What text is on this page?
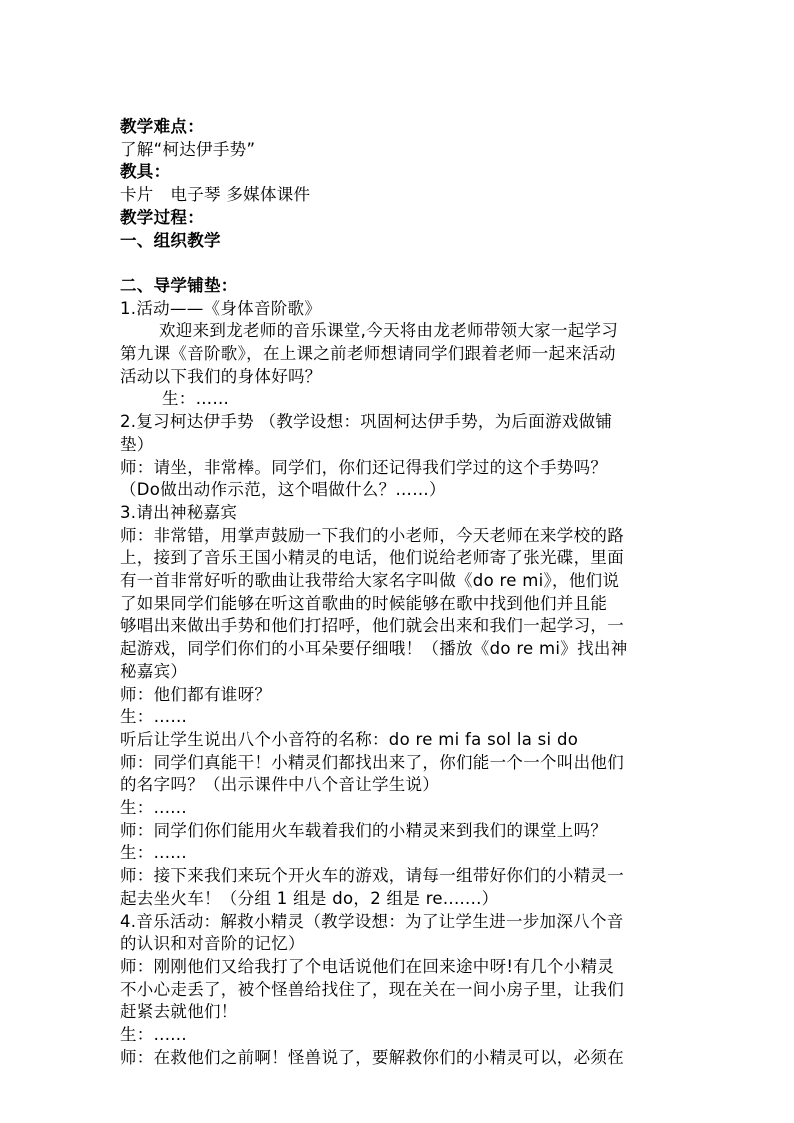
教学难点：
了解“柯达伊手势”
教具：
卡片　电子琴 多媒体课件
教学过程：
一、组织教学
二、导学铺垫：
1.活动——《身体音阶歌》
欢迎来到龙老师的音乐课堂,今天将由龙老师带领大家一起学习
第九课《音阶歌》，在上课之前老师想请同学们跟着老师一起来活动
活动以下我们的身体好吗？
生：……
2.复习柯达伊手势 （教学设想：巩固柯达伊手势，为后面游戏做铺
垫）
师：请坐，非常棒。同学们，你们还记得我们学过的这个手势吗？
（Do做出动作示范，这个唱做什么？……）
3.请出神秘嘉宾
师：非常错，用掌声鼓励一下我们的小老师，今天老师在来学校的路
上，接到了音乐王国小精灵的电话，他们说给老师寄了张光碟，里面
有一首非常好听的歌曲让我带给大家名字叫做《do re mi》，他们说
了如果同学们能够在听这首歌曲的时候能够在歌中找到他们并且能
够唱出来做出手势和他们打招呼，他们就会出来和我们一起学习，一
起游戏，同学们你们的小耳朵要仔细哦！（播放《do re mi》找出神
秘嘉宾）
师：他们都有谁呀？
生：……
听后让学生说出八个小音符的名称：do re mi fa sol la si do
师：同学们真能干！小精灵们都找出来了，你们能一个一个叫出他们
的名字吗？（出示课件中八个音让学生说）
生：......
师：同学们你们能用火车载着我们的小精灵来到我们的课堂上吗？
生：......
师：接下来我们来玩个开火车的游戏，请每一组带好你们的小精灵一
起去坐火车！（分组 1 组是 do，2 组是 re.......）
4.音乐活动：解救小精灵（教学设想：为了让学生进一步加深八个音
的认识和对音阶的记忆）
师：刚刚他们又给我打了个电话说他们在回来途中呀!有几个小精灵
不小心走丢了，被个怪兽给找住了，现在关在一间小房子里，让我们
赶紧去就他们！
生：......
师：在救他们之前啊！怪兽说了，要解救你们的小精灵可以，必须在
